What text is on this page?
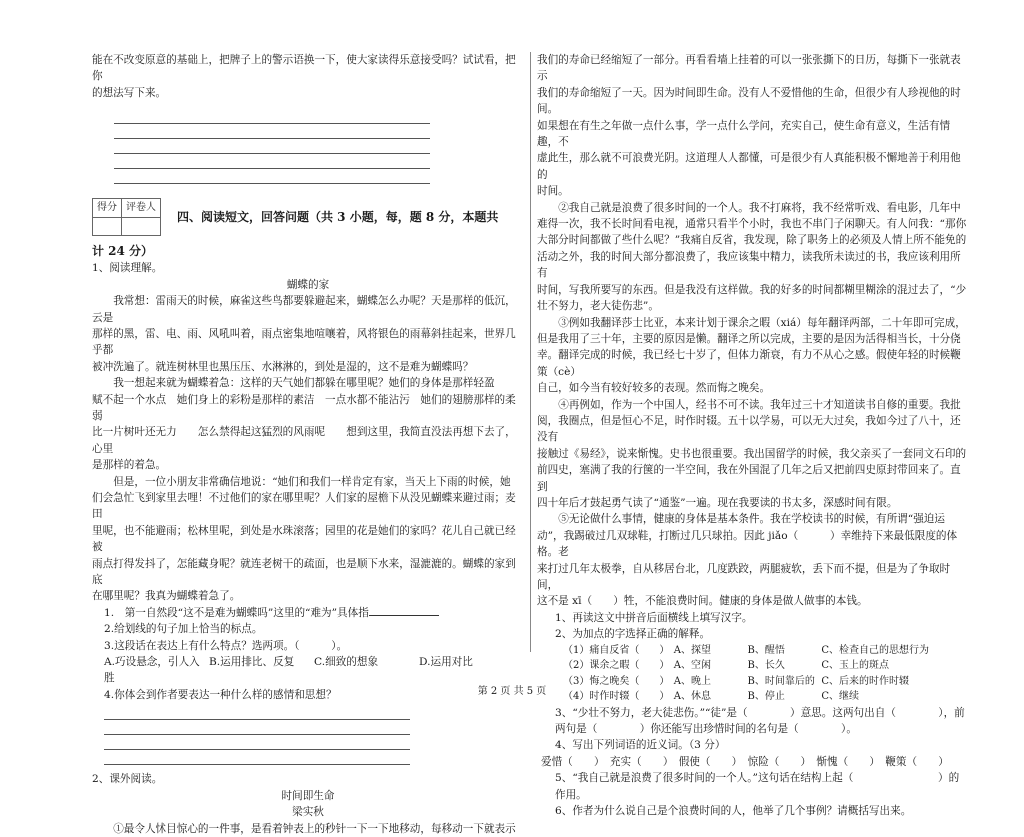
能在不改变原意的基础上，把牌子上的警示语换一下，使大家读得乐意接受吗？试试看，把你

的想法写下来。

得分	评卷人

四、阅读短文，回答问题（共 3 小题，每，题 8 分，本题共

计 24 分）

1、阅读理解。

蝴蝶的家

我常想：雷雨天的时候，麻雀这些鸟都要躲避起来，蝴蝶怎么办呢？天是那样的低沉，云是

那样的黑，雷、电、雨、风吼叫着，雨点密集地喧嚷着，风将银色的雨幕斜挂起来，世界几乎都

被冲洗遍了。就连树林里也黑压压、水淋淋的，到处是湿的，这不是难为蝴蝶吗？

我一想起来就为蝴蝶着急：这样的天气她们都躲在哪里呢？她们的身体是那样轻盈

赋不起一个水点　她们身上的彩粉是那样的素洁　一点水都不能沾污　她们的翅膀那样的柔弱

比一片树叶还无力　　怎么禁得起这猛烈的风雨呢　　想到这里，我简直没法再想下去了，心里

是那样的着急。

但是，一位小朋友非常确信地说：“她们和我们一样肯定有家，当天上下雨的时候，她

们会急忙飞到家里去哩！不过他们的家在哪里呢？人们家的屋檐下从没见蝴蝶来避过雨；麦田

里呢，也不能避雨；松林里呢，到处是水珠滚落；园里的花是她们的家吗？花儿自己就已经被

雨点打得发抖了，怎能藏身呢？就连老树干的疏面，也是顺下水来，湿漉漉的。蝴蝶的家到底

在哪里呢？我真为蝴蝶着急了。

1.　第一自然段“这不是难为蝴蝶吗”这里的“难为”具体指

2.给划线的句子加上恰当的标点。

3.这段话在表达上有什么特点？选两项。（　　　）。

A.巧设悬念，引人入胜
B.运用排比、反复	C.细致的想象	D.运用对比

4.你体会到作者要表达一种什么样的感情和思想？

2、课外阅读。

时间即生命

梁实秋

①最令人怵目惊心的一件事，是看着钟表上的秒针一下一下地移动，每移动一下就表示

我们的寿命已经缩短了一部分。再看看墙上挂着的可以一张张撕下的日历，每撕下一张就表示

我们的寿命缩短了一天。因为时间即生命。没有人不爱惜他的生命，但很少有人珍视他的时间。

如果想在有生之年做一点什么事，学一点什么学问，充实自己，使生命有意义，生活有情趣，不

虚此生，那么就不可浪费光阴。这道理人人都懂，可是很少有人真能积极不懈地善于利用他的

时间。

②我自己就是浪费了很多时间的一个人。我不打麻将，我不经常听戏、看电影，几年中

难得一次，我不长时间看电视，通常只看半个小时，我也不串门子闲聊天。有人问我：“那你

大部分时间都做了些什么呢？”我痛自反省，我发现，除了职务上的必须及人情上所不能免的

活动之外，我的时间大部分都浪费了，我应该集中精力，读我所未读过的书，我应该利用所有

时间，写我所要写的东西。但是我没有这样做。我的好多的时间都糊里糊涂的混过去了，“少

壮不努力，老大徒伤悲”。

③例如我翻译莎士比亚，本来计划于课余之暇（xiá）每年翻译两部，二十年即可完成，

但是我用了三十年，主要的原因是懒。翻译之所以完成，主要的是因为活得相当长，十分侥

幸。翻译完成的时候，我已经七十岁了，但体力渐衰，有力不从心之感。假使年轻的时候鞭策（cè）

自己，如今当有较好较多的表现。然而悔之晚矣。

④再例如，作为一个中国人，经书不可不读。我年过三十才知道读书自修的重要。我批

阅，我圈点，但是恒心不足，时作时辍。五十以学易，可以无大过矣，我如今过了八十，还没有

接触过《易经》，说来惭愧。史书也很重要。我出国留学的时候，我父亲买了一套同文石印的

前四史，塞满了我的行箧的一半空间，我在外国混了几年之后又把前四史原封带回来了。直到

四十年后才鼓起勇气读了“通鉴”一遍。现在我要读的书太多，深感时间有限。

⑤无论做什么事情，健康的身体是基本条件。我在学校读书的时候，有所谓“强迫运

动”，我踢破过几双球鞋，打断过几只球拍。因此 jiǎo（　　　）幸维持下来最低限度的体格。老

来打过几年太极拳，自从移居台北，几度跌跤，两腿疲软，丢下而不提，但是为了争取时间，

这不是 xī（　　）牲，不能浪费时间。健康的身体是做人做事的本钱。

1、再读这文中拼音后面横线上填写汉字。

2、为加点的字选择正确的解释。

（1）痛自反省（　　） A、探望	B、醒悟	C、检查自己的思想行为
（2）课余之暇（　　） A、空闲	B、长久	C、玉上的斑点
（3）悔之晚矣（　　） A、晚上	B、时间靠后的 C、后来的时作时辍
（4）时作时辍（　　） A、休息	B、停止	C、继续

3、“少壮不努力，老大徒悲伤。”“徒”是（　　　　）意思。这两句出自（　　　　），前两句是（　　　　）你还能写出珍惜时间的名句是（　　　　）。

4、写出下列词语的近义词。（3 分）

爱惜（　　）　充实（　　）　假使（　　）　惊险（　　）　惭愧（　　）　鞭策（　　）

5、“我自己就是浪费了很多时间的一个人。”这句话在结构上起（　　　　　　　　）的作用。

6、作者为什么说自己是个浪费时间的人，他举了几个事例？请概括写出来。

第 2 页 共 5 页
